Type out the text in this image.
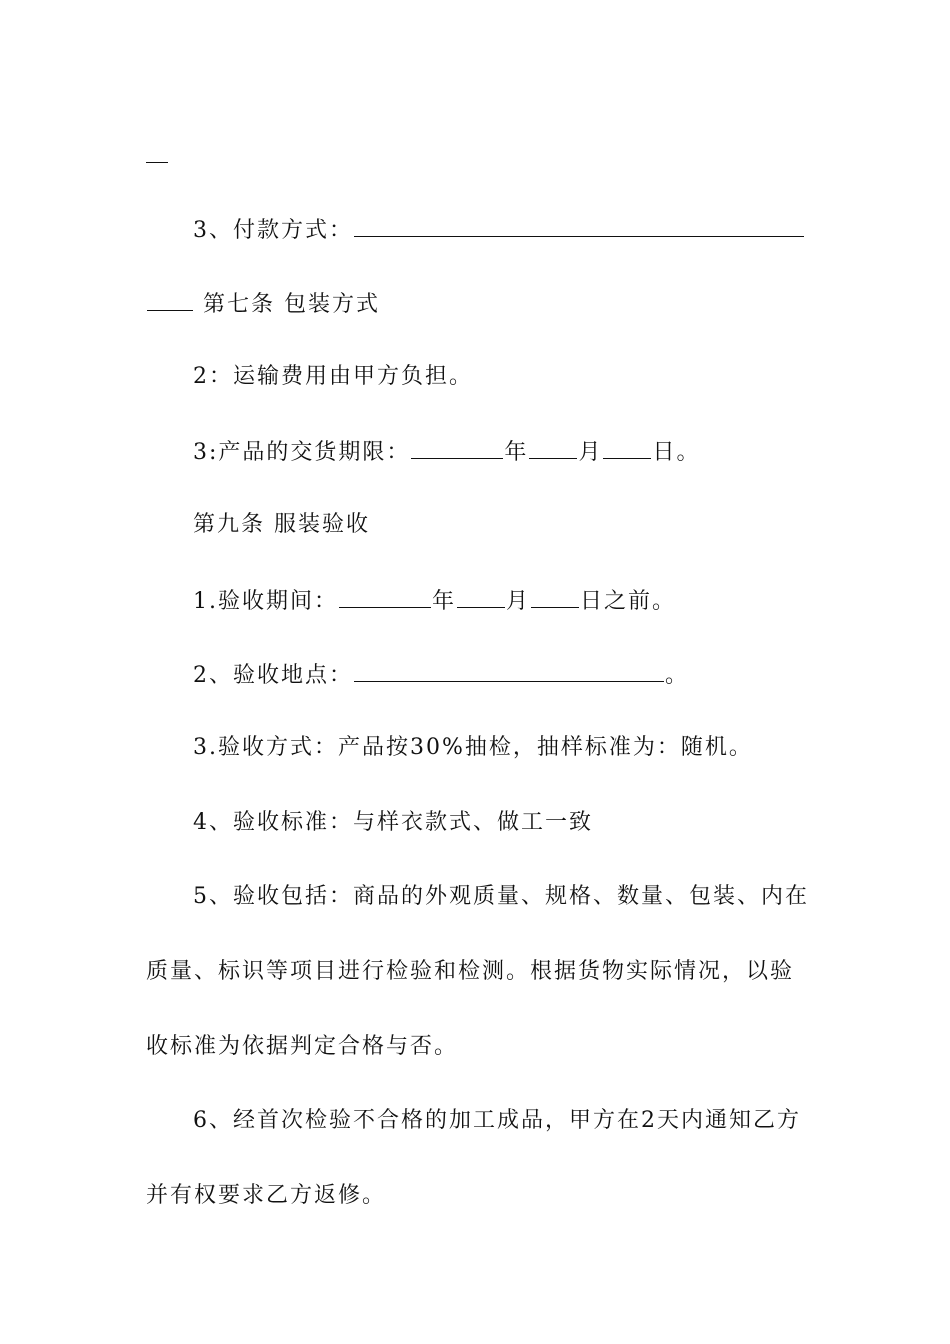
3、付款方式：
第七条 包装方式
2：运输费用由甲方负担。
3:产品的交货期限：	年 月 日。
第九条 服装验收
1.验收期间：	年 月 日之前。
2、验收地点：	。
3.验收方式：产品按30%抽检，抽样标准为：随机。
4、验收标准：与样衣款式、做工一致
5、验收包括：商品的外观质量、规格、数量、包装、内在
质量、标识等项目进行检验和检测。根据货物实际情况，以验
收标准为依据判定合格与否。
6、经首次检验不合格的加工成品，甲方在2天内通知乙方
并有权要求乙方返修。
